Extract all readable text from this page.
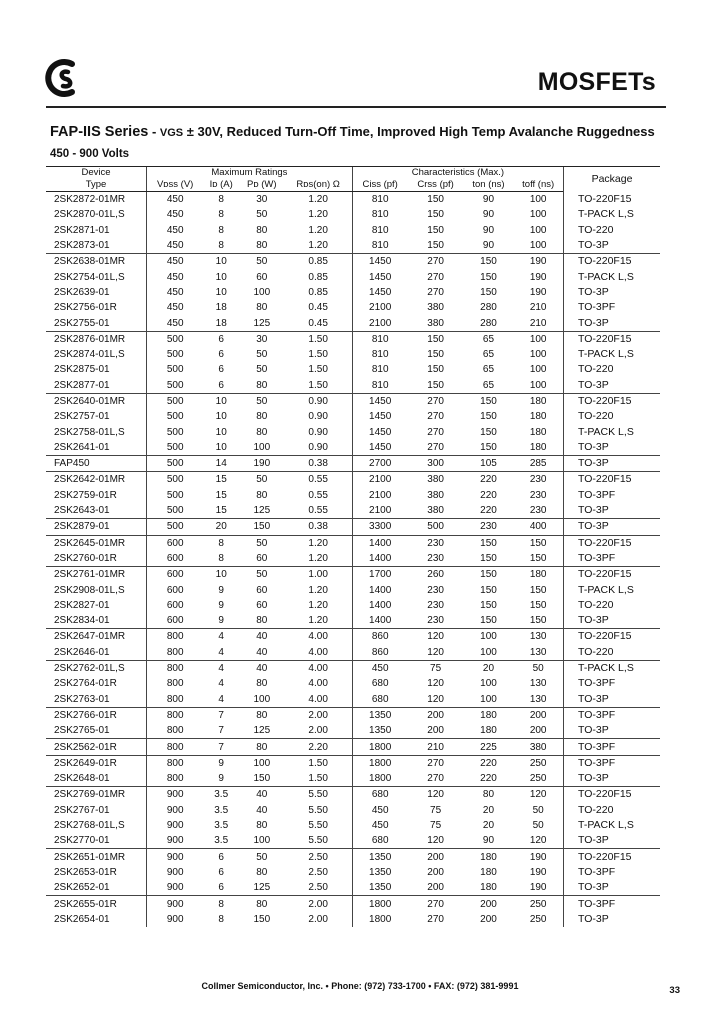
MOSFETs
FAP-IIS Series - VGS ± 30V, Reduced Turn-Off Time, Improved High Temp Avalanche Ruggedness
450 - 900 Volts
Device	Maximum Ratings				Characteristics (Max.)				Package
Type	Vᴅss (V)	Iᴅ (A)	Pᴅ (W)	Rᴅs(on) Ω	Ciss (pf)	Crss (pf)	ton (ns)	toff (ns)	
2SK2872-01MR	450	8	30	1.20	810	150	90	100	TO-220F15
2SK2870-01L,S	450	8	50	1.20	810	150	90	100	T-PACK L,S
2SK2871-01	450	8	80	1.20	810	150	90	100	TO-220
2SK2873-01	450	8	80	1.20	810	150	90	100	TO-3P
2SK2638-01MR	450	10	50	0.85	1450	270	150	190	TO-220F15
2SK2754-01L,S	450	10	60	0.85	1450	270	150	190	T-PACK L,S
2SK2639-01	450	10	100	0.85	1450	270	150	190	TO-3P
2SK2756-01R	450	18	80	0.45	2100	380	280	210	TO-3PF
2SK2755-01	450	18	125	0.45	2100	380	280	210	TO-3P
2SK2876-01MR	500	6	30	1.50	810	150	65	100	TO-220F15
2SK2874-01L,S	500	6	50	1.50	810	150	65	100	T-PACK L,S
2SK2875-01	500	6	50	1.50	810	150	65	100	TO-220
2SK2877-01	500	6	80	1.50	810	150	65	100	TO-3P
2SK2640-01MR	500	10	50	0.90	1450	270	150	180	TO-220F15
2SK2757-01	500	10	80	0.90	1450	270	150	180	TO-220
2SK2758-01L,S	500	10	80	0.90	1450	270	150	180	T-PACK L,S
2SK2641-01	500	10	100	0.90	1450	270	150	180	TO-3P
FAP450	500	14	190	0.38	2700	300	105	285	TO-3P
2SK2642-01MR	500	15	50	0.55	2100	380	220	230	TO-220F15
2SK2759-01R	500	15	80	0.55	2100	380	220	230	TO-3PF
2SK2643-01	500	15	125	0.55	2100	380	220	230	TO-3P
2SK2879-01	500	20	150	0.38	3300	500	230	400	TO-3P
2SK2645-01MR	600	8	50	1.20	1400	230	150	150	TO-220F15
2SK2760-01R	600	8	60	1.20	1400	230	150	150	TO-3PF
2SK2761-01MR	600	10	50	1.00	1700	260	150	180	TO-220F15
2SK2908-01L,S	600	9	60	1.20	1400	230	150	150	T-PACK L,S
2SK2827-01	600	9	60	1.20	1400	230	150	150	TO-220
2SK2834-01	600	9	80	1.20	1400	230	150	150	TO-3P
2SK2647-01MR	800	4	40	4.00	860	120	100	130	TO-220F15
2SK2646-01	800	4	40	4.00	860	120	100	130	TO-220
2SK2762-01L,S	800	4	40	4.00	450	75	20	50	T-PACK L,S
2SK2764-01R	800	4	80	4.00	680	120	100	130	TO-3PF
2SK2763-01	800	4	100	4.00	680	120	100	130	TO-3P
2SK2766-01R	800	7	80	2.00	1350	200	180	200	TO-3PF
2SK2765-01	800	7	125	2.00	1350	200	180	200	TO-3P
2SK2562-01R	800	7	80	2.20	1800	210	225	380	TO-3PF
2SK2649-01R	800	9	100	1.50	1800	270	220	250	TO-3PF
2SK2648-01	800	9	150	1.50	1800	270	220	250	TO-3P
2SK2769-01MR	900	3.5	40	5.50	680	120	80	120	TO-220F15
2SK2767-01	900	3.5	40	5.50	450	75	20	50	TO-220
2SK2768-01L,S	900	3.5	80	5.50	450	75	20	50	T-PACK L,S
2SK2770-01	900	3.5	100	5.50	680	120	90	120	TO-3P
2SK2651-01MR	900	6	50	2.50	1350	200	180	190	TO-220F15
2SK2653-01R	900	6	80	2.50	1350	200	180	190	TO-3PF
2SK2652-01	900	6	125	2.50	1350	200	180	190	TO-3P
2SK2655-01R	900	8	80	2.00	1800	270	200	250	TO-3PF
2SK2654-01	900	8	150	2.00	1800	270	200	250	TO-3P
Collmer Semiconductor, Inc. • Phone: (972) 733-1700 • FAX: (972) 381-9991	33
